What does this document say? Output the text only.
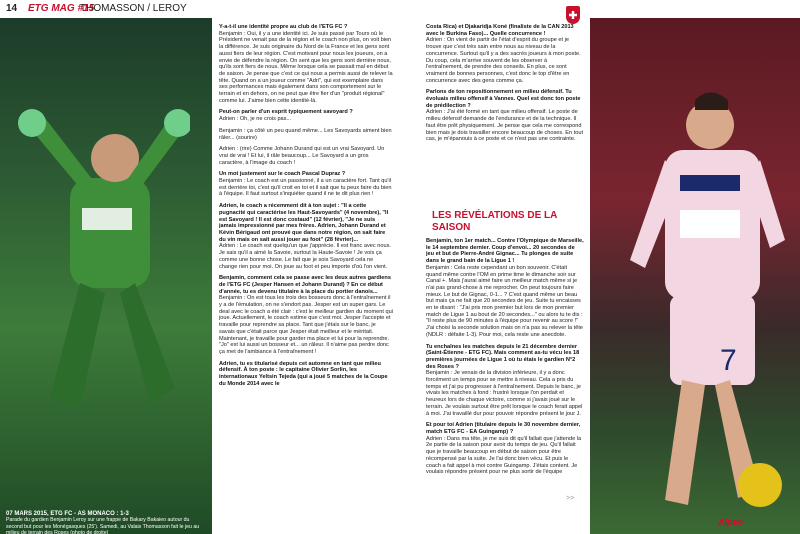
14 ETG MAG #15
THOMASSON / LEROY
07 MARS 2015, ETG FC - AS MONACO : 1-3
Parade du gardien Benjamin Leroy sur une frappe de Bakary Bakaieo autour du second but pour les Monégasques (25'). Samedi, au Valais Thomasson fait le jeu au milieu de terrain des Roses (photo de droite)

Y-a-t-il une identité propre au club de l'ETG FC ?
Benjamin : Oui, il y a une identité ici. Je suis passé par Tours où le Président ne venait pas de la région et le coach non plus, on voit bien la différence. Je suis originaire du Nord de la France et les gens sont aussi fiers de leur région. C'est motivant pour nous les joueurs, on a envie de défendre la région. On sent que les gens sont derrière nous, qu'ils sont fiers de nous. Même lorsque cela se passait mal en début de saison. Je pense que c'est ce qui nous a permis aussi de relever la tête. Quand on a un joueur comme "Adri", qui est exemplaire dans ses performances mais également dans son comportement sur le terrain et en dehors, on ne peut que être fier d'un "produit régional" comme lui. J'aime bien cette identité-là.

Peut-on parler d'un esprit typiquement savoyard ?
Adrien : Oh, je ne crois pas...

Benjamin : ça côté un peu quand même... Les Savoyards aiment bien râler... (sourire)

Adrien : (rire) Comme Johann Durand qui est un vrai Savoyard. Un vrai de vrai ! Et lui, il râle beaucoup... Le Savoyard a un gros caractère, à l'image du coach !

Un mot justement sur le coach Pascal Dupraz ?
Benjamin : Le coach est un passionné, il a un caractère fort. Tant qu'il est derrière toi, c'est qu'il croit en toi et il sait que tu peux faire du bien à l'équipe. Il faut surtout s'inquiéter quand il ne te dit plus rien !

Adrien, le coach a récemment dit à ton sujet : "Il a cette pugnacité qui caractérise les Haut-Savoyards" (4 novembre), "Il est Savoyard ! Il est donc costaud" (12 février), "Je ne suis jamais impressionné par mes frères. Adrien, Johann Durand et Kévin Bérigaud ont prouvé que dans notre région, on sait faire du vin mais on sait aussi jouer au foot" (28 février)...
Adrien : Le coach est quelqu'un que j'apprécie. Il est franc avec nous. Je sais qu'il a aimé la Savoie, surtout la Haute-Savoie ! Je vois ça comme une bonne chose. Le fait que je sois Savoyard cela ne change rien pour moi. On joue au foot et peu importe d'où l'on vient.

Benjamin, comment cela se passe avec les deux autres gardiens de l'ETG FC (Jesper Hansen et Johann Durand) ? En ce début d'année, tu es devenu titulaire à la place du portier danois...
Benjamin : On est tous les trois des bosseurs donc à l'entraînement il y a de l'émulation, on ne s'endort pas. Jesper est un super gars. Le deal avec le coach a été clair : c'est le meilleur gardien du moment qui joue. Actuellement, le coach estime que c'est moi. Jesper l'accepte et travaille pour reprendre sa place. Tant que j'étais sur le banc, je savais que c'était parce que Jesper était meilleur et le méritait. Maintenant, je travaille pour garder ma place et lui pour la reprendre. "Jo" est lui aussi un bosseur et... un râleur. Il n'aime pas perdre donc ça met de l'ambiance à l'entraînement !

Adrien, tu es titularisé depuis cet automne en tant que milieu défensif. À ton poste : le capitaine Olivier Sorlin, les internationaux Yeltsin Tejeda (qui a joué 5 matches de la Coupe du Monde 2014 avec le

Costa Rica) et Djakaridja Koné (finaliste de la CAN 2013 avec le Burkina Faso)... Quelle concurrence !
Adrien : On vient de partir de l'état d'esprit du groupe et je trouve que c'est très sain entre nous au niveau de la concurrence. Surtout qu'il y a des sacrés joueurs à mon poste. Du coup, cela m'arrive souvent de les observer à l'entraînement, de prendre des conseils. En plus, ce sont vraiment de bonnes personnes, c'est donc le top d'être en concurrence avec des gens comme ça.

Parlons de ton repositionnement en milieu défensif. Tu évoluais milieu offensif à Vannes. Quel est donc ton poste de prédilection ?
Adrien : J'ai été formé en tant que milieu offensif. Le poste de milieu défensif demande de l'endurance et de la technique. Il faut être prêt physiquement. Je pense que cela me correspond bien mais je dois travailler encore beaucoup de choses. En tout cas, je m'épanouis à ce poste et ce n'est pas une contrainte.

LES RÉVÉLATIONS DE LA SAISON

Benjamin, ton 1er match... Contre l'Olympique de Marseille, le 14 septembre dernier. Coup d'envoi... 20 secondes de jeu et but de Pierre-André Gignac... Tu plonges de suite dans le grand bain de la Ligue 1 !
Benjamin : Cela reste cependant un bon souvenir. C'était quand même contre l'OM en prime time le dimanche soir sur Canal +. Mais j'aurai aimé faire un meilleur match même si je n'ai pas grand-chose à me reprocher. On peut toujours faire mieux. Le but de Gignac, 0-1... ? C'est quand même un beau but mais ça ne fait que 20 secondes de jeu. Suite tu encaisses en te disant : "J'ai pris mon premier but lors de mon premier match de Ligue 1 au bout de 20 secondes..." ou alors tu te dis : "Il reste plus de 90 minutes à l'équipe pour revenir au score !" J'ai choisi la seconde solution mais on n'a pas su relever la tête (NDLR : défaite 1-3). Pour moi, cela reste une anecdote.

Tu enchaînes les matches depuis le 21 décembre dernier (Saint-Étienne - ETG FC). Mais comment as-tu vécu les 18 premières journées de Ligue 1 où tu étais le gardien N°2 des Roses ?
Benjamin : Je venais de la division inférieure, il y a donc forcément un temps pour se mettre à niveau. Cela a pris du temps et j'ai pu progresser à l'entraînement. Depuis le banc, je vivais les matches à fond : frustré lorsque l'on perdait et heureux lors de chaque victoire, comme si j'avais joué sur le terrain. Je voulais surtout être prêt lorsque le coach ferait appel à moi. J'ai travaillé dur pour pouvoir répondre présent le jour J.

Et pour toi Adrien (titulaire depuis le 30 novembre dernier, match ETG FC - EA Guingamp) ?
Adrien : Dans ma tête, je me suis dit qu'il fallait que j'attende la 2e partie de la saison pour avoir du temps de jeu. Qu'il fallait que je travaille beaucoup en début de saison pour être récompensé par la suite. Je l'ai donc bien vécu. Et puis le coach a fait appel à moi contre Guingamp. J'étais content. Je voulais répondre présent pour ne plus sortir de l'équipe

>>
7
Alpeo
